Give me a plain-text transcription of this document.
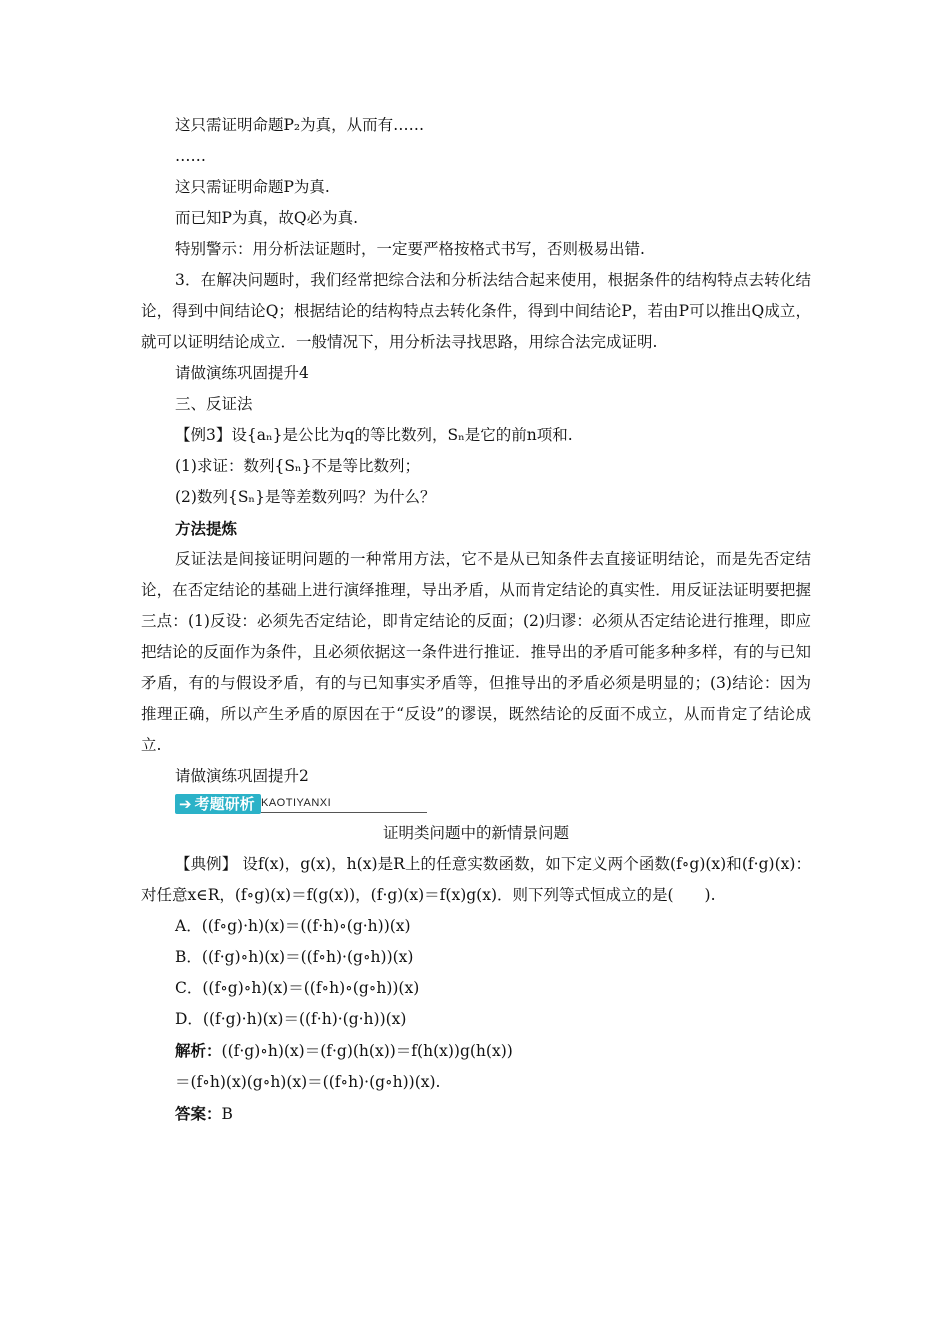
这只需证明命题P₂为真，从而有……

……

这只需证明命题P为真.

而已知P为真，故Q必为真.

特别警示：用分析法证题时，一定要严格按格式书写，否则极易出错.

3．在解决问题时，我们经常把综合法和分析法结合起来使用，根据条件的结构特点去转化结论，得到中间结论Q；根据结论的结构特点去转化条件，得到中间结论P，若由P可以推出Q成立，就可以证明结论成立．一般情况下，用分析法寻找思路，用综合法完成证明.

请做演练巩固提升4

三、反证法

【例3】设{aₙ}是公比为q的等比数列，Sₙ是它的前n项和.

(1)求证：数列{Sₙ}不是等比数列；

(2)数列{Sₙ}是等差数列吗？为什么？

方法提炼

反证法是间接证明问题的一种常用方法，它不是从已知条件去直接证明结论，而是先否定结论，在否定结论的基础上进行演绎推理，导出矛盾，从而肯定结论的真实性．用反证法证明要把握三点：(1)反设：必须先否定结论，即肯定结论的反面；(2)归谬：必须从否定结论进行推理，即应把结论的反面作为条件，且必须依据这一条件进行推证．推导出的矛盾可能多种多样，有的与已知矛盾，有的与假设矛盾，有的与已知事实矛盾等，但推导出的矛盾必须是明显的；(3)结论：因为推理正确，所以产生矛盾的原因在于“反设”的谬误，既然结论的反面不成立，从而肯定了结论成立.

请做演练巩固提升2

➔ 考题研析 KAOTIYANXI

证明类问题中的新情景问题

【典例】 设f(x)，g(x)，h(x)是R上的任意实数函数，如下定义两个函数(f∘g)(x)和(f·g)(x)：对任意x∈R，(f∘g)(x)＝f(g(x))，(f·g)(x)＝f(x)g(x)．则下列等式恒成立的是(　　).

A．((f∘g)·h)(x)＝((f·h)∘(g·h))(x)

B．((f·g)∘h)(x)＝((f∘h)·(g∘h))(x)

C．((f∘g)∘h)(x)＝((f∘h)∘(g∘h))(x)

D．((f·g)·h)(x)＝((f·h)·(g·h))(x)

解析：((f·g)∘h)(x)＝(f·g)(h(x))＝f(h(x))g(h(x))

＝(f∘h)(x)(g∘h)(x)＝((f∘h)·(g∘h))(x).

答案：B
